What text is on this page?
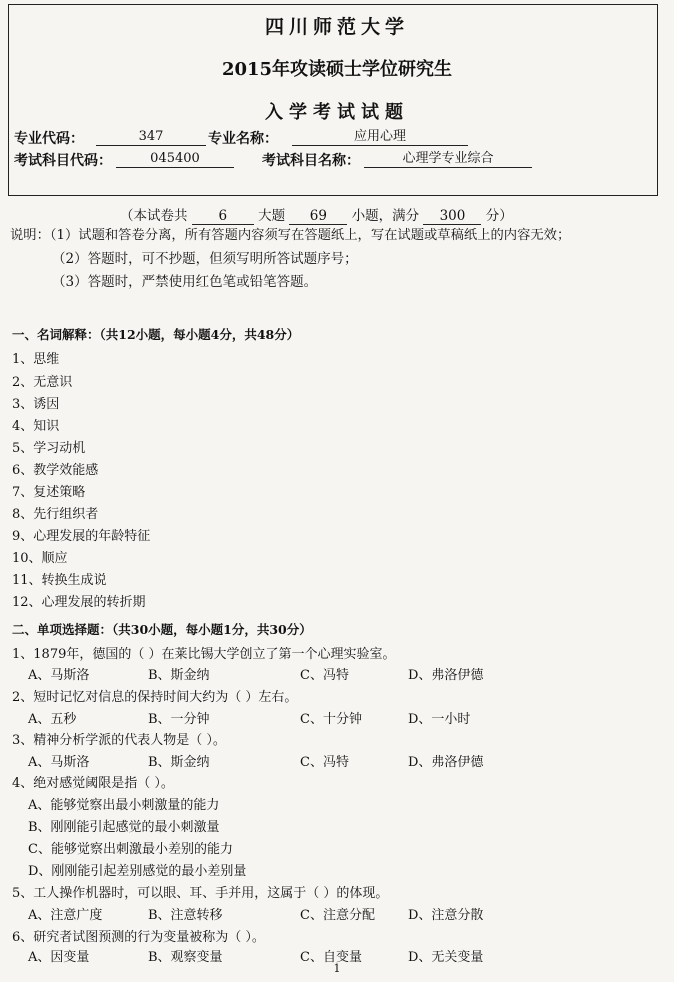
四川师范大学
2015年攻读硕士学位研究生
入学考试试题
专业代码：	347	专业名称：	应用心理
考试科目代码：	045400	考试科目名称：	心理学专业综合
（本试卷共 6 大题 69 小题，满分 300 分）
说明：（1）试题和答卷分离，所有答题内容须写在答题纸上，写在试题或草稿纸上的内容无效；
（2）答题时，可不抄题，但须写明所答试题序号；
（3）答题时，严禁使用红色笔或铅笔答题。
一、名词解释：（共12小题，每小题4分，共48分）
1、思维
2、无意识
3、诱因
4、知识
5、学习动机
6、教学效能感
7、复述策略
8、先行组织者
9、心理发展的年龄特征
10、顺应
11、转换生成说
12、心理发展的转折期
二、单项选择题：（共30小题，每小题1分，共30分）
1、1879年，德国的（ ）在莱比锡大学创立了第一个心理实验室。
A、马斯洛	B、斯金纳	C、冯特	D、弗洛伊德
2、短时记忆对信息的保持时间大约为（ ）左右。
A、五秒	B、一分钟	C、十分钟	D、一小时
3、精神分析学派的代表人物是（ ）。
A、马斯洛	B、斯金纳	C、冯特	D、弗洛伊德
4、绝对感觉阈限是指（ ）。
A、能够觉察出最小刺激量的能力
B、刚刚能引起感觉的最小刺激量
C、能够觉察出刺激最小差别的能力
D、刚刚能引起差别感觉的最小差别量
5、工人操作机器时，可以眼、耳、手并用，这属于（ ）的体现。
A、注意广度	B、注意转移	C、注意分配	D、注意分散
6、研究者试图预测的行为变量被称为（ ）。
A、因变量	B、观察变量	C、自变量	D、无关变量
1
